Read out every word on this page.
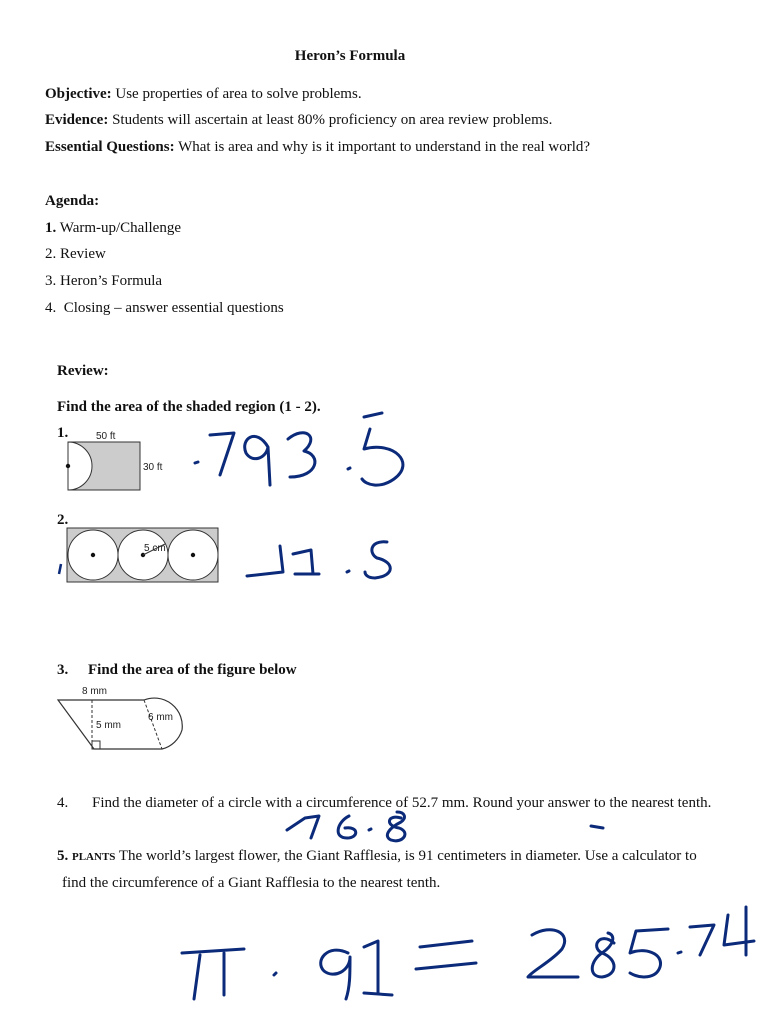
Heron’s Formula
Objective: Use properties of area to solve problems.
Evidence: Students will ascertain at least 80% proficiency on area review problems.
Essential Questions: What is area and why is it important to understand in the real world?
Agenda:
1. Warm-up/Challenge
2. Review
3. Heron’s Formula
4. Closing – answer essential questions
Review:
Find the area of the shaded region (1 - 2).
1.	50 ft
30 ft
2.
5 cm
3. Find the area of the figure below
8 mm
5 mm
6 mm
4. Find the diameter of a circle with a circumference of 52.7 mm. Round your answer to the nearest tenth.
5. PLANTS The world’s largest flower, the Giant Rafflesia, is 91 centimeters in diameter. Use a calculator to
find the circumference of a Giant Rafflesia to the nearest tenth.
